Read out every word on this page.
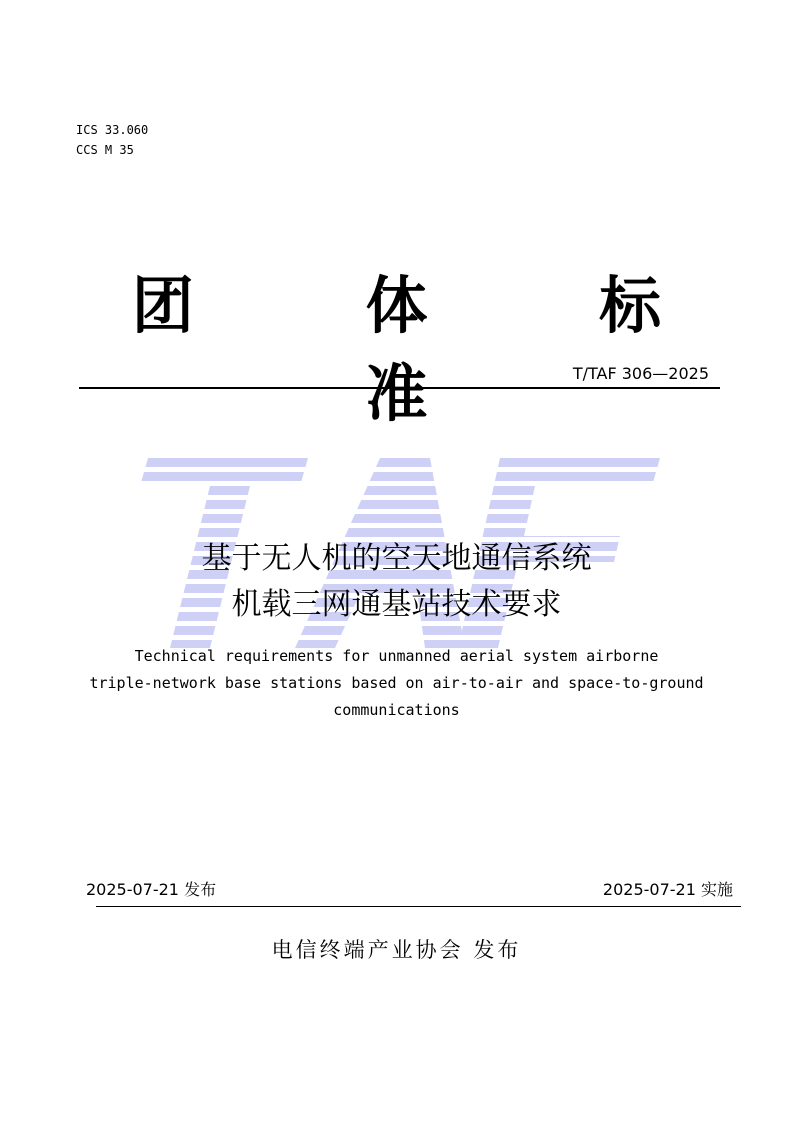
ICS 33.060
CCS M 35
团 体 标 准	T/TAF 306—2025
基于无人机的空天地通信系统
机载三网通基站技术要求
Technical requirements for unmanned aerial system airborne
triple-network base stations based on air-to-air and space-to-ground
communications
2025-07-21 发布	2025-07-21 实施
电信终端产业协会 发布
